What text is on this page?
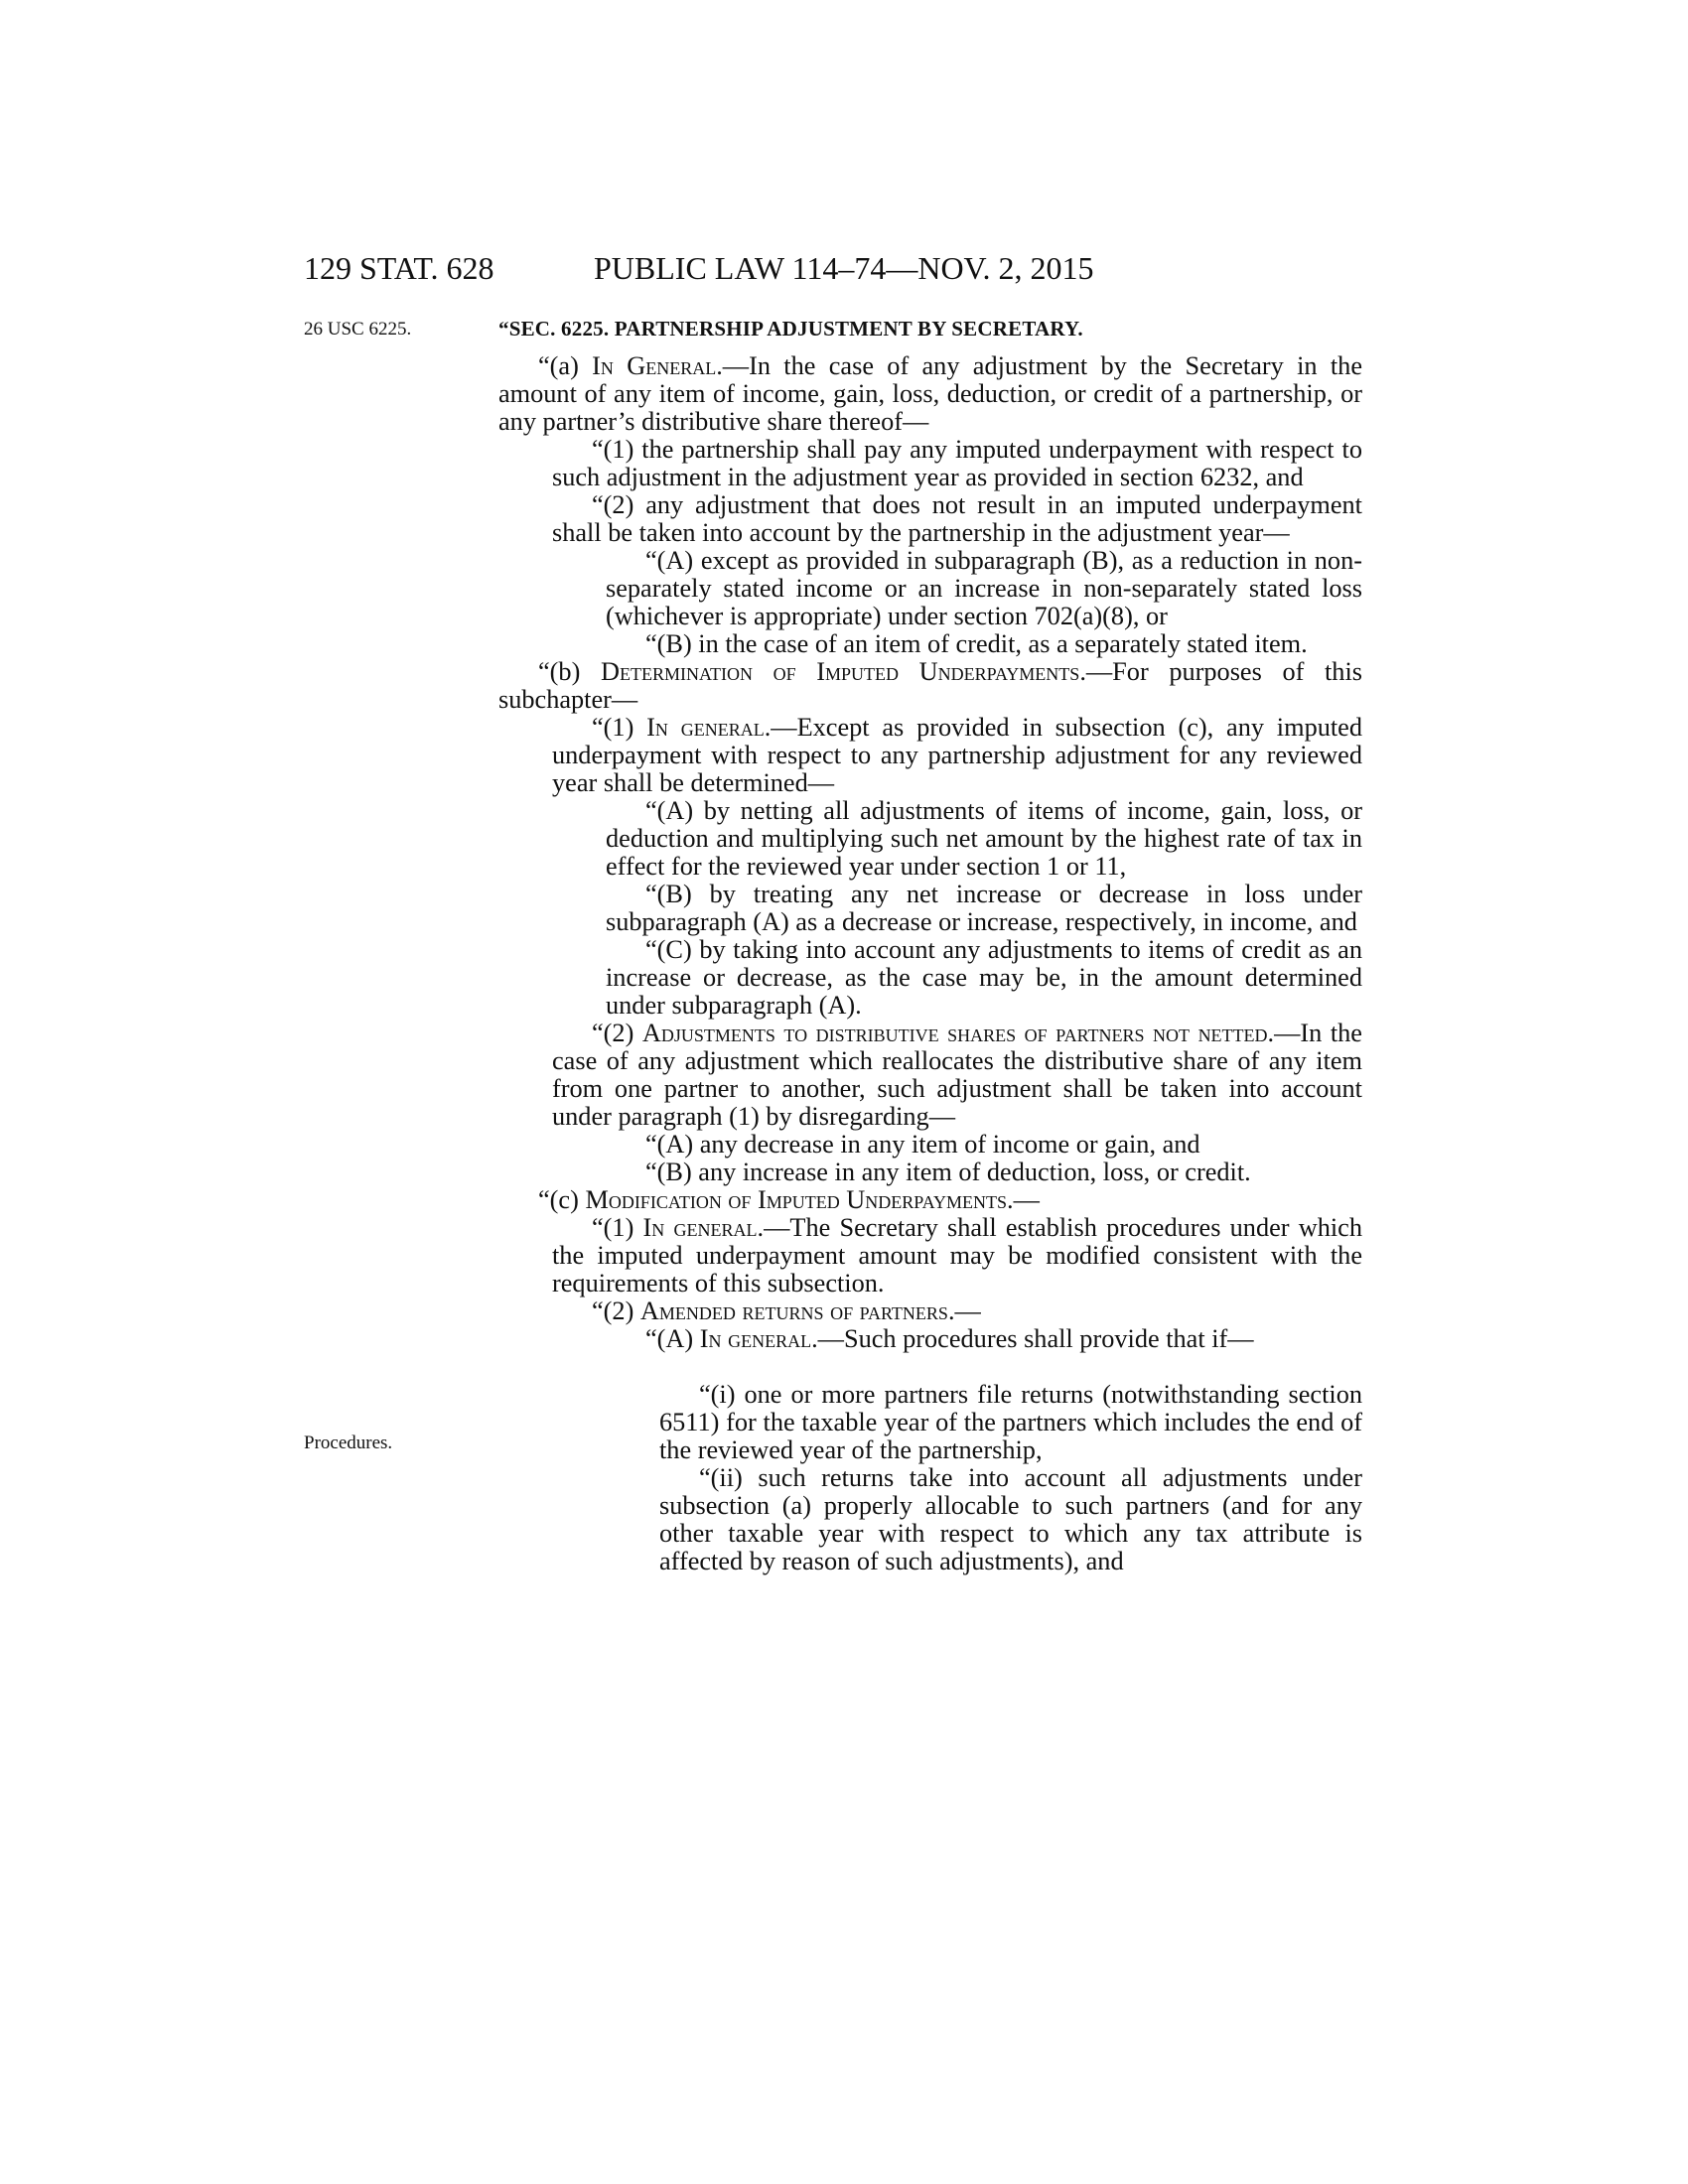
129 STAT. 628	PUBLIC LAW 114–74—NOV. 2, 2015
26 USC 6225.
Procedures.
“SEC. 6225. PARTNERSHIP ADJUSTMENT BY SECRETARY.

“(a) In General.—In the case of any adjustment by the Secretary in the amount of any item of income, gain, loss, deduction, or credit of a partnership, or any partner’s distributive share thereof—

“(1) the partnership shall pay any imputed underpayment with respect to such adjustment in the adjustment year as provided in section 6232, and

“(2) any adjustment that does not result in an imputed underpayment shall be taken into account by the partnership in the adjustment year—

“(A) except as provided in subparagraph (B), as a reduction in non-separately stated income or an increase in non-separately stated loss (whichever is appropriate) under section 702(a)(8), or

“(B) in the case of an item of credit, as a separately stated item.

“(b) Determination of Imputed Underpayments.—For purposes of this subchapter—

“(1) In general.—Except as provided in subsection (c), any imputed underpayment with respect to any partnership adjustment for any reviewed year shall be determined—

“(A) by netting all adjustments of items of income, gain, loss, or deduction and multiplying such net amount by the highest rate of tax in effect for the reviewed year under section 1 or 11,

“(B) by treating any net increase or decrease in loss under subparagraph (A) as a decrease or increase, respectively, in income, and

“(C) by taking into account any adjustments to items of credit as an increase or decrease, as the case may be, in the amount determined under subparagraph (A).

“(2) Adjustments to distributive shares of partners not netted.—In the case of any adjustment which reallocates the distributive share of any item from one partner to another, such adjustment shall be taken into account under paragraph (1) by disregarding—

“(A) any decrease in any item of income or gain, and

“(B) any increase in any item of deduction, loss, or credit.

“(c) Modification of Imputed Underpayments.—

“(1) In general.—The Secretary shall establish procedures under which the imputed underpayment amount may be modified consistent with the requirements of this subsection.

“(2) Amended returns of partners.—

“(A) In general.—Such procedures shall provide that if—

“(i) one or more partners file returns (notwithstanding section 6511) for the taxable year of the partners which includes the end of the reviewed year of the partnership,

“(ii) such returns take into account all adjustments under subsection (a) properly allocable to such partners (and for any other taxable year with respect to which any tax attribute is affected by reason of such adjustments), and
